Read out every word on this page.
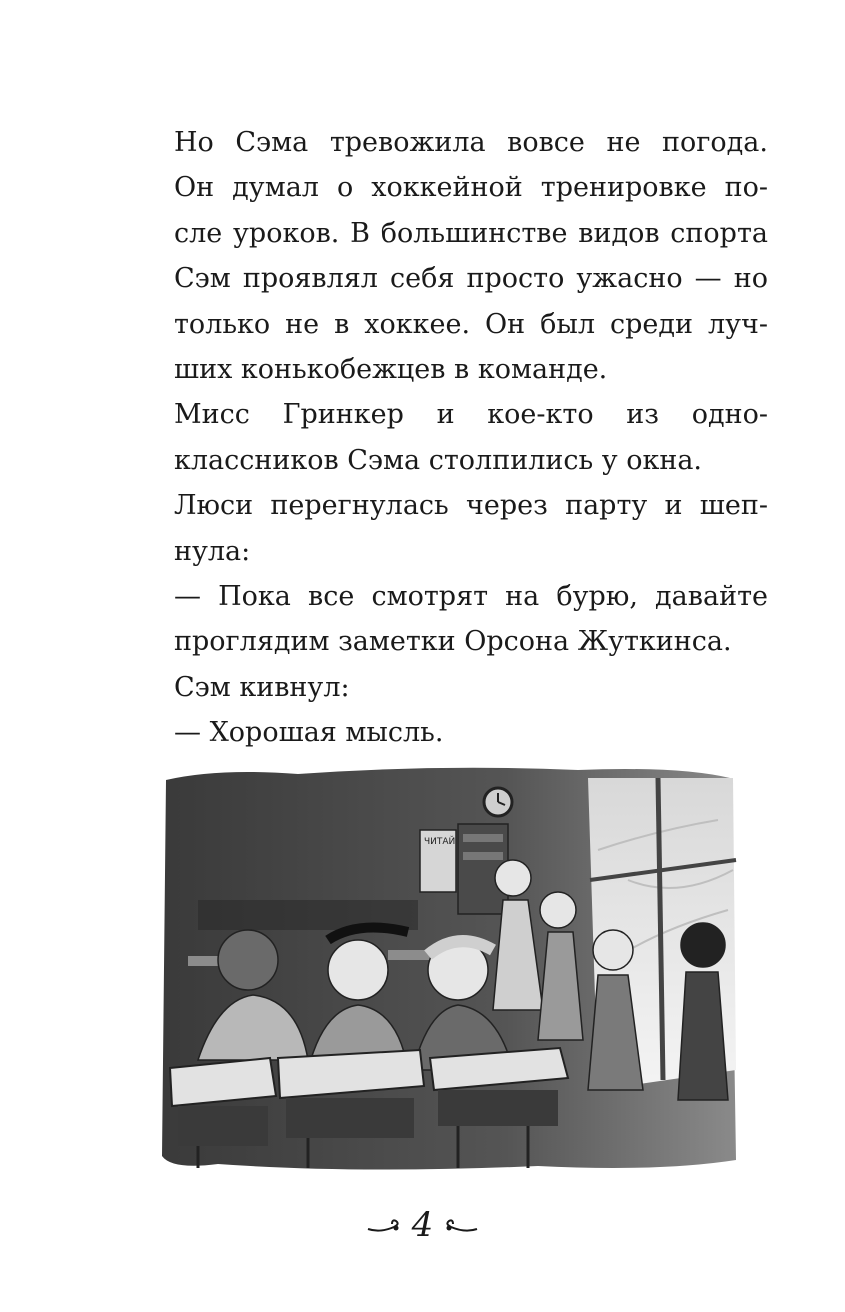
Но Сэма тревожила вовсе не погода.
Он думал о хоккейной тренировке по-
сле уроков. В большинстве видов спорта
Сэм проявлял себя просто ужасно — но
только не в хоккее. Он был среди луч-
ших конькобежцев в команде.

Мисс Гринкер и кое-кто из одно-
классников Сэма столпились у окна.

Люси перегнулась через парту и шеп-
нула:

— Пока все смотрят на бурю, давайте
проглядим заметки Орсона Жуткинса.

Сэм кивнул:

— Хорошая мысль.

ЧИТАЙ
4
